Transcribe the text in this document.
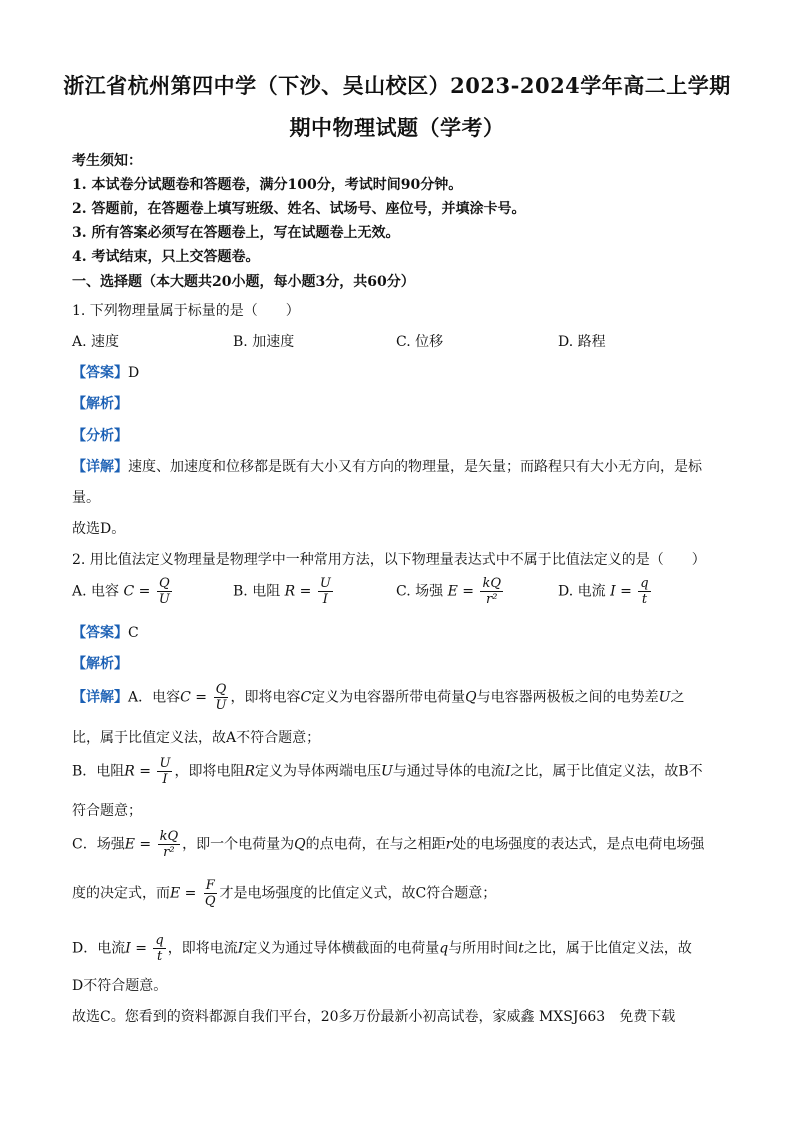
浙江省杭州第四中学（下沙、吴山校区）2023-2024学年高二上学期
期中物理试题（学考）
考生须知：
1. 本试卷分试题卷和答题卷，满分100分，考试时间90分钟。
2. 答题前，在答题卷上填写班级、姓名、试场号、座位号，并填涂卡号。
3. 所有答案必须写在答题卷上，写在试题卷上无效。
4. 考试结束，只上交答题卷。
一、选择题（本大题共20小题，每小题3分，共60分）
1. 下列物理量属于标量的是（　　）
A. 速度	B. 加速度	C. 位移	D. 路程
【答案】D
【解析】
【分析】
【详解】速度、加速度和位移都是既有大小又有方向的物理量，是矢量；而路程只有大小无方向，是标
量。
故选D。
2. 用比值法定义物理量是物理学中一种常用方法，以下物理量表达式中不属于比值法定义的是（　　）
A. 电容 $C = \frac{Q}{U}$	B. 电阻 $R = \frac{U}{I}$	C. 场强 $E = \frac{kQ}{\text{r²}}$	D. 电流 $I = \frac{q}{t}$
【答案】C
【解析】
【详解】A．电容$C = \frac{Q}{U}$ ，即将电容C定义为电容器所带电荷量Q与电容器两极板之间的电势差U之
比，属于比值定义法，故A不符合题意；
B．电阻$R = \frac{U}{I}$ ，即将电阻R定义为导体两端电压U与通过导体的电流I之比，属于比值定义法，故B不
符合题意；
C．场强$E = \frac{kQ}{\text{r²}}$ ，即一个电荷量为Q的点电荷，在与之相距r处的电场强度的表达式，是点电荷电场强
度的决定式，而$E = \frac{F}{Q}$ 才是电场强度的比值定义式，故C符合题意；
D．电流$I = \frac{q}{t}$ ，即将电流I定义为通过导体横截面的电荷量q与所用时间t之比，属于比值定义法，故
D不符合题意。
故选C。您看到的资料都源自我们平台，20多万份最新小初高试卷，家威鑫 MXSJ663　免费下载
